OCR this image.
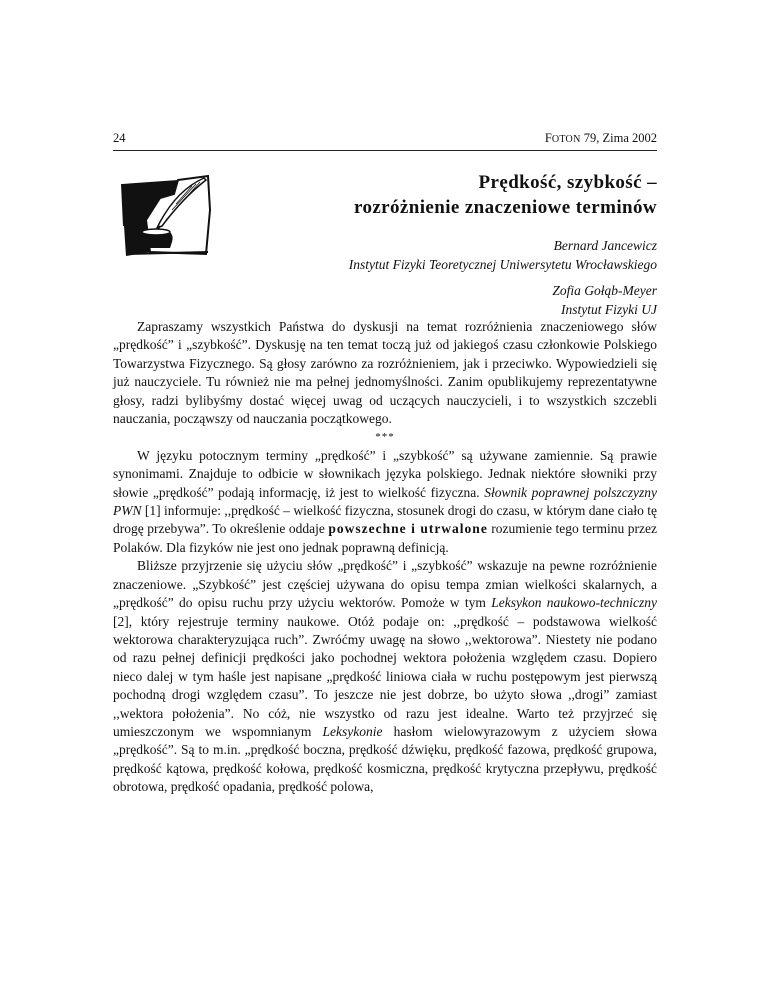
24	FOTON 79, Zima 2002
Prędkość, szybkość –
rozróżnienie znaczeniowe terminów
Bernard Jancewicz
Instytut Fizyki Teoretycznej Uniwersytetu Wrocławskiego
Zofia Gołąb-Meyer
Instytut Fizyki UJ

Zapraszamy wszystkich Państwa do dyskusji na temat rozróżnienia znaczeniowego słów „prędkość” i „szybkość”. Dyskusję na ten temat toczą już od jakiegoś czasu członkowie Polskiego Towarzystwa Fizycznego. Są głosy zarówno za rozróżnieniem, jak i przeciwko. Wypowiedzieli się już nauczyciele. Tu również nie ma pełnej jednomyślności. Zanim opublikujemy reprezentatywne głosy, radzi bylibyśmy dostać więcej uwag od uczących nauczycieli, i to wszystkich szczebli nauczania, począwszy od nauczania początkowego.

***

W języku potocznym terminy „prędkość” i „szybkość” są używane zamiennie. Są prawie synonimami. Znajduje to odbicie w słownikach języka polskiego. Jednak niektóre słowniki przy słowie „prędkość” podają informację, iż jest to wielkość fizyczna. Słownik poprawnej polszczyzny PWN [1] informuje: ,,prędkość – wielkość fizyczna, stosunek drogi do czasu, w którym dane ciało tę drogę przebywa”. To określenie oddaje powszechne i utrwalone rozumienie tego terminu przez Polaków. Dla fizyków nie jest ono jednak poprawną definicją.

Bliższe przyjrzenie się użyciu słów „prędkość” i „szybkość” wskazuje na pewne rozróżnienie znaczeniowe. „Szybkość” jest częściej używana do opisu tempa zmian wielkości skalarnych, a „prędkość” do opisu ruchu przy użyciu wektorów. Pomoże w tym Leksykon naukowo-techniczny [2], który rejestruje terminy naukowe. Otóż podaje on: ,,prędkość – podstawowa wielkość wektorowa charakteryzująca ruch”. Zwróćmy uwagę na słowo ,,wektorowa”. Niestety nie podano od razu pełnej definicji prędkości jako pochodnej wektora położenia względem czasu. Dopiero nieco dalej w tym haśle jest napisane „prędkość liniowa ciała w ruchu postępowym jest pierwszą pochodną drogi względem czasu”. To jeszcze nie jest dobrze, bo użyto słowa ,,drogi” zamiast ,,wektora położenia”. No cóż, nie wszystko od razu jest idealne. Warto też przyjrzeć się umieszczonym we wspomnianym Leksykonie hasłom wielowyrazowym z użyciem słowa „prędkość”. Są to m.in. „prędkość boczna, prędkość dźwięku, prędkość fazowa, prędkość grupowa, prędkość kątowa, prędkość kołowa, prędkość kosmiczna, prędkość krytyczna przepływu, prędkość obrotowa, prędkość opadania, prędkość polowa,
